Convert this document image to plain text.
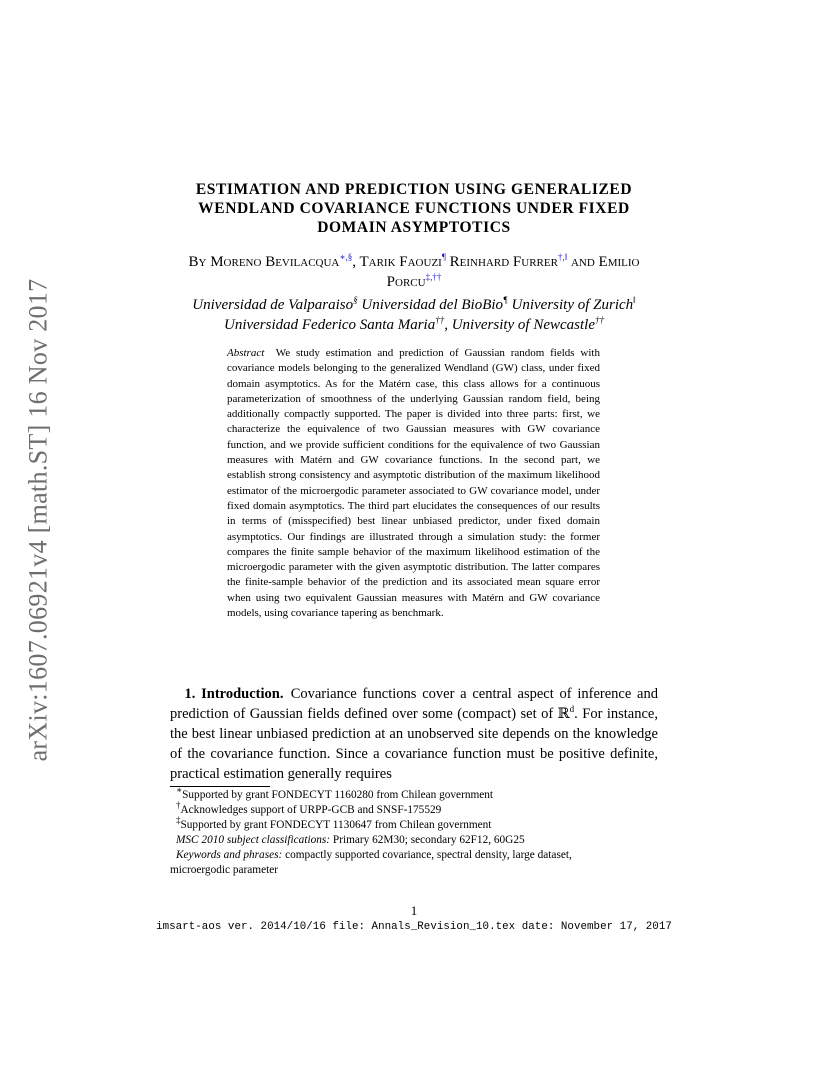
arXiv:1607.06921v4 [math.ST] 16 Nov 2017
ESTIMATION AND PREDICTION USING GENERALIZED
WENDLAND COVARIANCE FUNCTIONS UNDER FIXED
DOMAIN ASYMPTOTICS
By Moreno Bevilacqua∗,§, Tarik Faouzi¶ Reinhard Furrer†,‖ and Emilio Porcu‡,††
Universidad de Valparaiso§ Universidad del BioBio¶ University of Zurich‖
Universidad Federico Santa Maria††, University of Newcastle††
Abstract We study estimation and prediction of Gaussian random fields with covariance models belonging to the generalized Wendland (GW) class, under fixed domain asymptotics. As for the Matérn case, this class allows for a continuous parameterization of smoothness of the underlying Gaussian random field, being additionally compactly supported. The paper is divided into three parts: first, we characterize the equivalence of two Gaussian measures with GW covariance function, and we provide sufficient conditions for the equivalence of two Gaussian measures with Matérn and GW covariance functions. In the second part, we establish strong consistency and asymptotic distribution of the maximum likelihood estimator of the microergodic parameter associated to GW covariance model, under fixed domain asymptotics. The third part elucidates the consequences of our results in terms of (misspecified) best linear unbiased predictor, under fixed domain asymptotics. Our findings are illustrated through a simulation study: the former compares the finite sample behavior of the maximum likelihood estimation of the microergodic parameter with the given asymptotic distribution. The latter compares the finite-sample behavior of the prediction and its associated mean square error when using two equivalent Gaussian measures with Matérn and GW covariance models, using covariance tapering as benchmark.
 1. Introduction.  Covariance functions cover a central aspect of inference and prediction of Gaussian fields defined over some (compact) set of ℝ$^d$. For instance, the best linear unbiased prediction at an unobserved site depends on the knowledge of the covariance function. Since a covariance function must be positive definite, practical estimation generally requires

∗Supported by grant FONDECYT 1160280 from Chilean government

†Acknowledges support of URPP-GCB and SNSF-175529

‡Supported by grant FONDECYT 1130647 from Chilean government

MSC 2010 subject classifications: Primary 62M30; secondary 62F12, 60G25

Keywords and phrases: compactly supported covariance, spectral density, large dataset,

microergodic parameter

1
imsart-aos ver. 2014/10/16 file: Annals_Revision_10.tex date: November 17, 2017
